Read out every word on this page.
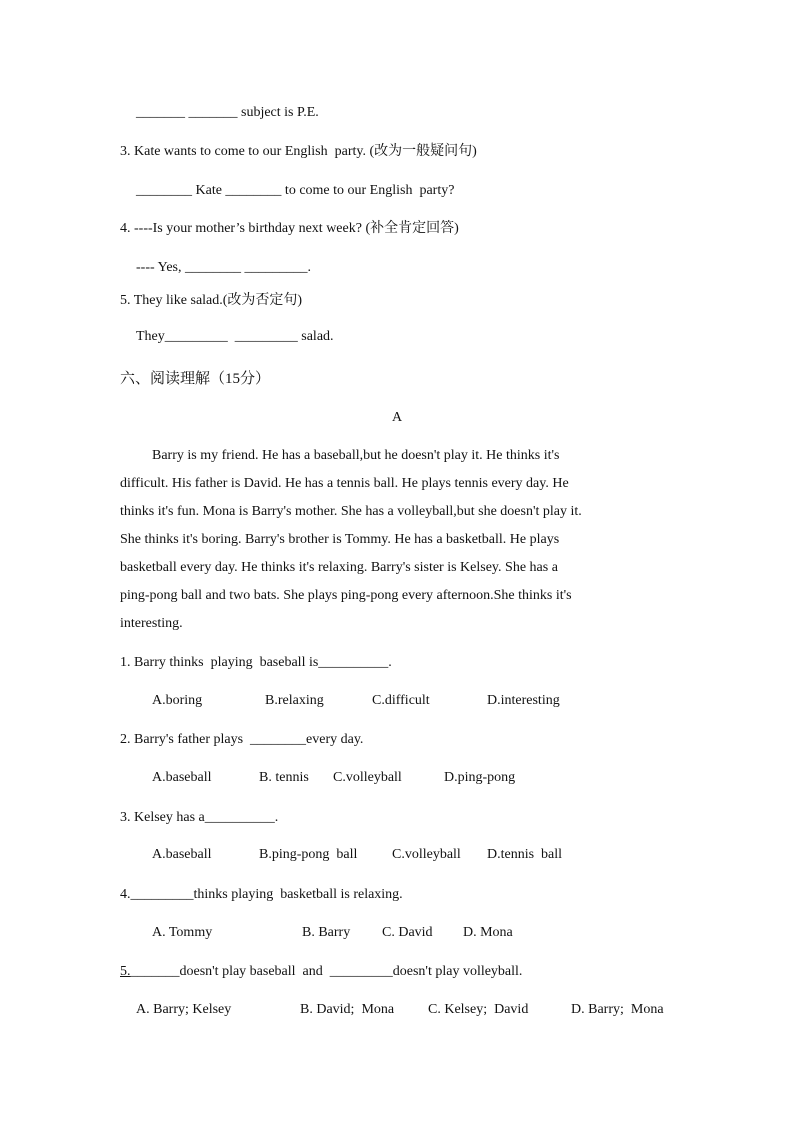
_______ _______ subject is P.E.
3. Kate wants to come to our English  party. (改为一般疑问句)
________ Kate ________ to come to our English  party?
4. ----Is your mother’s birthday next week? (补全肯定回答)
---- Yes, ________ _________.
5. They like salad.(改为否定句)
They_________  _________ salad.
六、阅读理解（15分）
A

Barry is my friend. He has a baseball,but he doesn't play it. He thinks it's

difficult. His father is David. He has a tennis ball. He plays tennis every day. He

thinks it's fun. Mona is Barry's mother. She has a volleyball,but she doesn't play it.

She thinks it's boring. Barry's brother is Tommy. He has a basketball. He plays

basketball every day. He thinks it's relaxing. Barry's sister is Kelsey. She has a

ping-pong ball and two bats. She plays ping-pong every afternoon.She thinks it's

interesting.

1. Barry thinks  playing  baseball is__________.
A.boring	B.relaxing	C.difficult	D.interesting
2. Barry's father plays  ________every day.
A.baseball	B. tennis C.volleyball	D.ping-pong
3. Kelsey has a__________.
A.baseball	B.ping-pong  ball C.volleyball D.tennis  ball
4._________thinks playing  basketball is relaxing.
A. Tommy	B. Barry C. David D. Mona
5._______doesn't play baseball  and  _________doesn't play volleyball.
A. Barry; Kelsey	B. David;  Mona C. Kelsey;  David	D. Barry;  Mona
